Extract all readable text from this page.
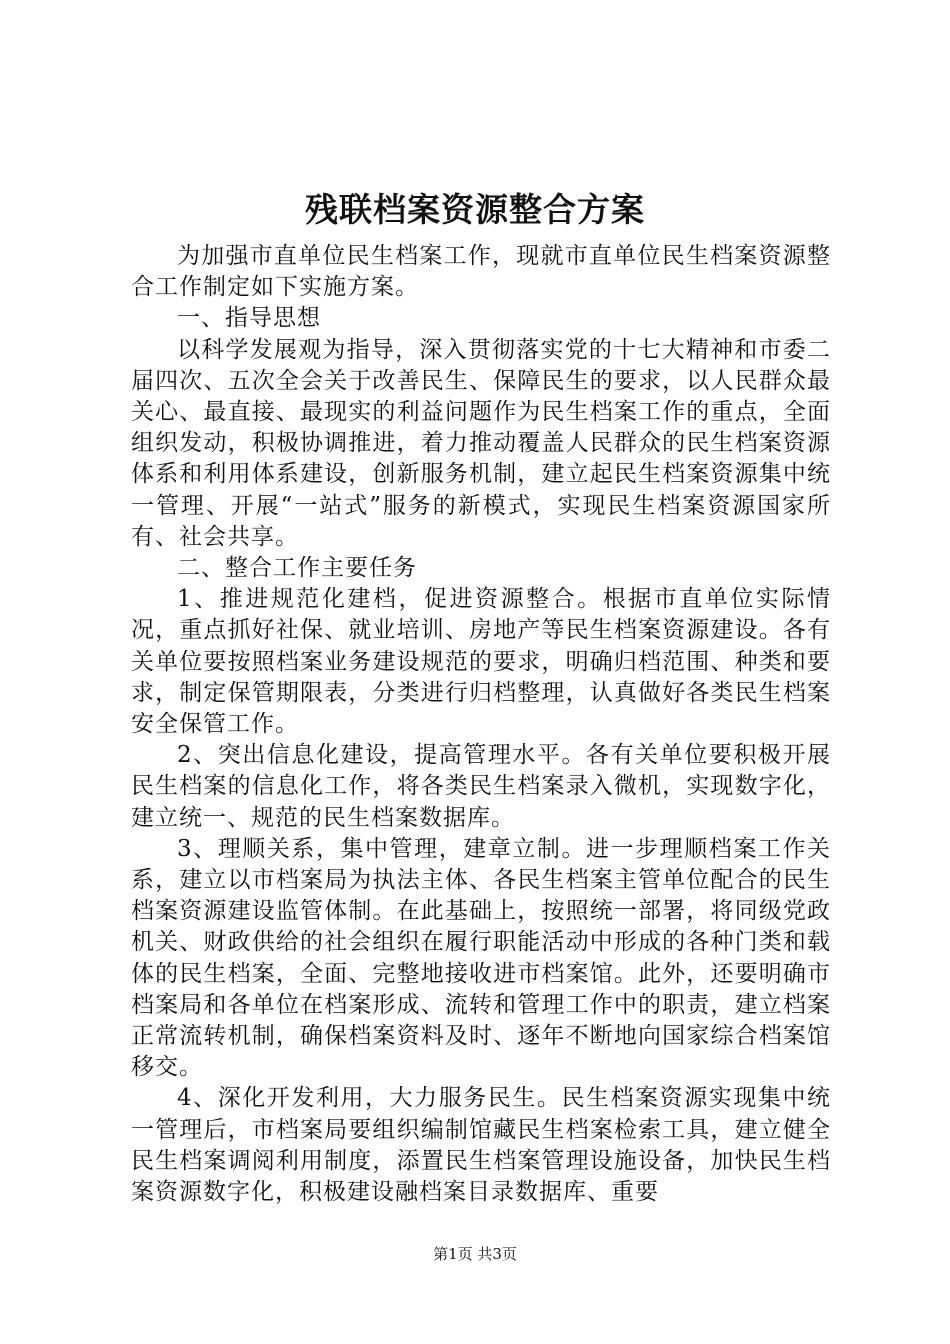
残联档案资源整合方案

为加强市直单位民生档案工作，现就市直单位民生档案资源整合工作制定如下实施方案。

一、指导思想

以科学发展观为指导，深入贯彻落实党的十七大精神和市委二届四次、五次全会关于改善民生、保障民生的要求，以人民群众最关心、最直接、最现实的利益问题作为民生档案工作的重点，全面组织发动，积极协调推进，着力推动覆盖人民群众的民生档案资源体系和利用体系建设，创新服务机制，建立起民生档案资源集中统一管理、开展“一站式”服务的新模式，实现民生档案资源国家所有、社会共享。

二、整合工作主要任务

1、推进规范化建档，促进资源整合。根据市直单位实际情况，重点抓好社保、就业培训、房地产等民生档案资源建设。各有关单位要按照档案业务建设规范的要求，明确归档范围、种类和要求，制定保管期限表，分类进行归档整理，认真做好各类民生档案安全保管工作。

2、突出信息化建设，提高管理水平。各有关单位要积极开展民生档案的信息化工作，将各类民生档案录入微机，实现数字化，建立统一、规范的民生档案数据库。

3、理顺关系，集中管理，建章立制。进一步理顺档案工作关系，建立以市档案局为执法主体、各民生档案主管单位配合的民生档案资源建设监管体制。在此基础上，按照统一部署，将同级党政机关、财政供给的社会组织在履行职能活动中形成的各种门类和载体的民生档案，全面、完整地接收进市档案馆。此外，还要明确市档案局和各单位在档案形成、流转和管理工作中的职责，建立档案正常流转机制，确保档案资料及时、逐年不断地向国家综合档案馆移交。

4、深化开发利用，大力服务民生。民生档案资源实现集中统一管理后，市档案局要组织编制馆藏民生档案检索工具，建立健全民生档案调阅利用制度，添置民生档案管理设施设备，加快民生档案资源数字化，积极建设融档案目录数据库、重要

第1页 共3页
